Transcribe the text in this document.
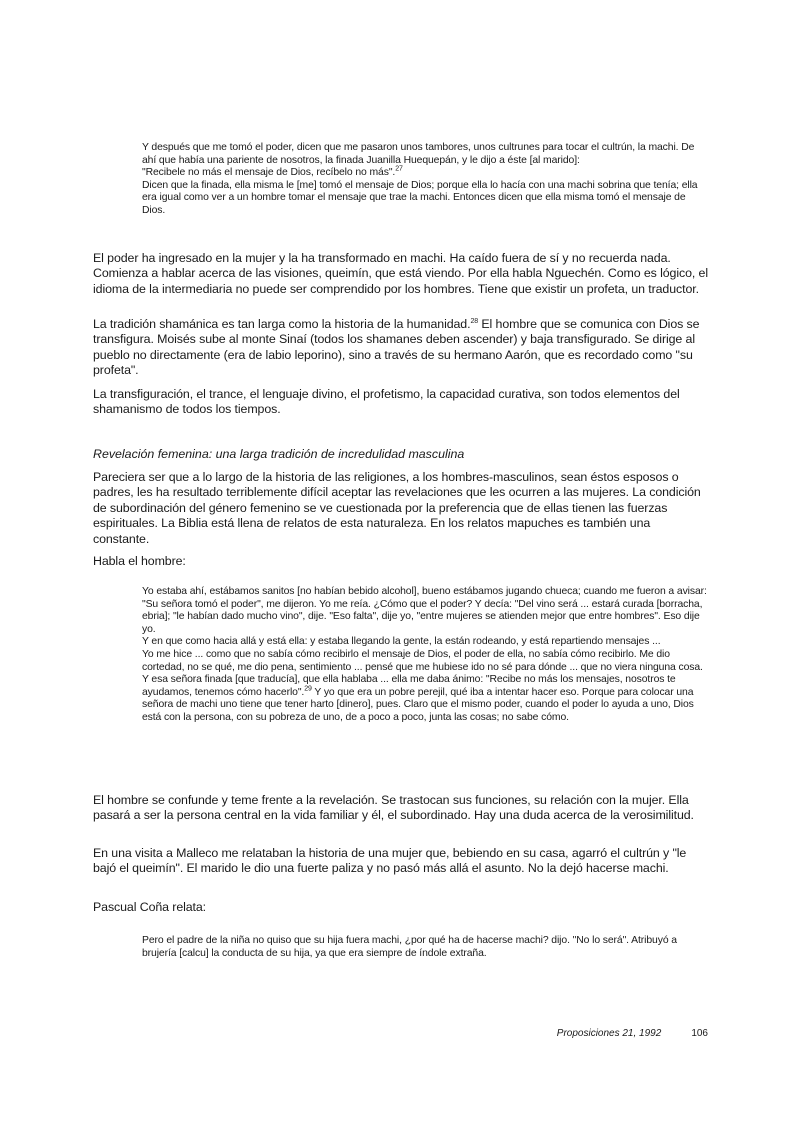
Y después que me tomó el poder, dicen que me pasaron unos tambores, unos cultrunes para tocar el cultrún, la machi. De ahí que había una pariente de nosotros, la finada Juanilla Huequepán, y le dijo a éste [al marido]:

"Recibele no más el mensaje de Dios, recíbelo no más".$^{27}$

Dicen que la finada, ella misma le [me] tomó el mensaje de Dios; porque ella lo hacía con una machi sobrina que tenía; ella era igual como ver a un hombre tomar el mensaje que trae la machi. Entonces dicen que ella misma tomó el mensaje de Dios.

El poder ha ingresado en la mujer y la ha transformado en machi. Ha caído fuera de sí y no recuerda nada. Comienza a hablar acerca de las visiones, queimín, que está viendo. Por ella habla Nguechén. Como es lógico, el idioma de la intermediaria no puede ser comprendido por los hombres. Tiene que existir un profeta, un traductor.

La tradición shamánica es tan larga como la historia de la humanidad.$^{28}$ El hombre que se comunica con Dios se transfigura. Moisés sube al monte Sinaí (todos los shamanes deben ascender) y baja transfigurado. Se dirige al pueblo no directamente (era de labio leporino), sino a través de su hermano Aarón, que es recordado como "su profeta".

La transfiguración, el trance, el lenguaje divino, el profetismo, la capacidad curativa, son todos elementos del shamanismo de todos los tiempos.

Revelación femenina: una larga tradición de incredulidad masculina

Pareciera ser que a lo largo de la historia de las religiones, a los hombres-masculinos, sean éstos esposos o padres, les ha resultado terriblemente difícil aceptar las revelaciones que les ocurren a las mujeres. La condición de subordinación del género femenino se ve cuestionada por la preferencia que de ellas tienen las fuerzas espirituales. La Biblia está llena de relatos de esta naturaleza. En los relatos mapuches es también una constante.

Habla el hombre:

Yo estaba ahí, estábamos sanitos [no habían bebido alcohol], bueno estábamos jugando chueca; cuando me fueron a avisar: "Su señora tomó el poder", me dijeron. Yo me reía. ¿Cómo que el poder? Y decía: "Del vino será ... estará curada [borracha, ebria]; "le habían dado mucho vino", dije. "Eso falta", dije yo, "entre mujeres se atienden mejor que entre hombres". Eso dije yo.

Y en que como hacia allá y está ella: y estaba llegando la gente, la están rodeando, y está repartiendo mensajes ...

Yo me hice ... como que no sabía cómo recibirlo el mensaje de Dios, el poder de ella, no sabía cómo recibirlo. Me dio cortedad, no se qué, me dio pena, sentimiento ... pensé que me hubiese ido no sé para dónde ... que no viera ninguna cosa.

Y esa señora finada [que traducía], que ella hablaba ... ella me daba ánimo: "Recibe no más los mensajes, nosotros te ayudamos, tenemos cómo hacerlo".$^{29}$ Y yo que era un pobre perejil, qué iba a intentar hacer eso. Porque para colocar una señora de machi uno tiene que tener harto [dinero], pues. Claro que el mismo poder, cuando el poder lo ayuda a uno, Dios está con la persona, con su pobreza de uno, de a poco a poco, junta las cosas; no sabe cómo.

El hombre se confunde y teme frente a la revelación. Se trastocan sus funciones, su relación con la mujer. Ella pasará a ser la persona central en la vida familiar y él, el subordinado. Hay una duda acerca de la verosimilitud.

En una visita a Malleco me relataban la historia de una mujer que, bebiendo en su casa, agarró el cultrún y "le bajó el queimín". El marido le dio una fuerte paliza y no pasó más allá el asunto. No la dejó hacerse machi.

Pascual Coña relata:

Pero el padre de la niña no quiso que su hija fuera machi, ¿por qué ha de hacerse machi? dijo. "No lo será". Atribuyó a brujería [calcu] la conducta de su hija, ya que era siempre de índole extraña.

Proposiciones 21, 1992	106
